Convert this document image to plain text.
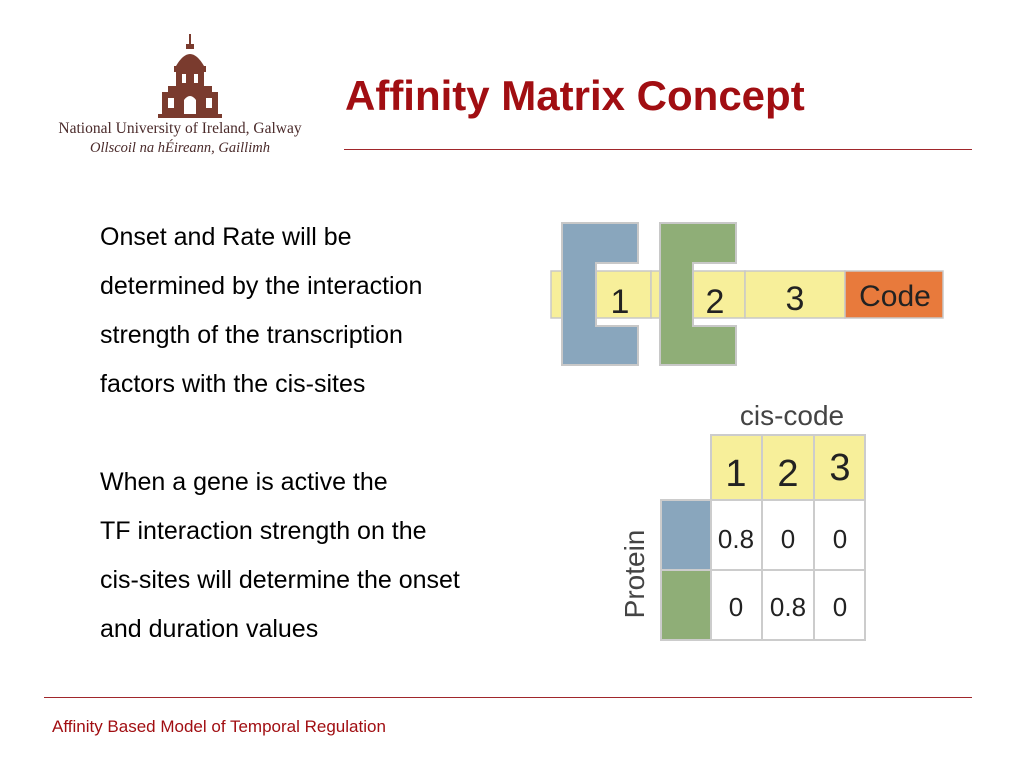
National University of Ireland, Galway
Ollscoil na hÉireann, Gaillimh
Affinity Matrix Concept

Onset and Rate will be
determined by the interaction
strength of the transcription
factors with the cis-sites

When a gene is active the
TF interaction strength on the
cis-sites will determine the onset
and duration values

1 2 3 Code
cis-code
Protein
1 2 3
0.8 0 0
0 0.8 0
Affinity Based Model of Temporal Regulation
